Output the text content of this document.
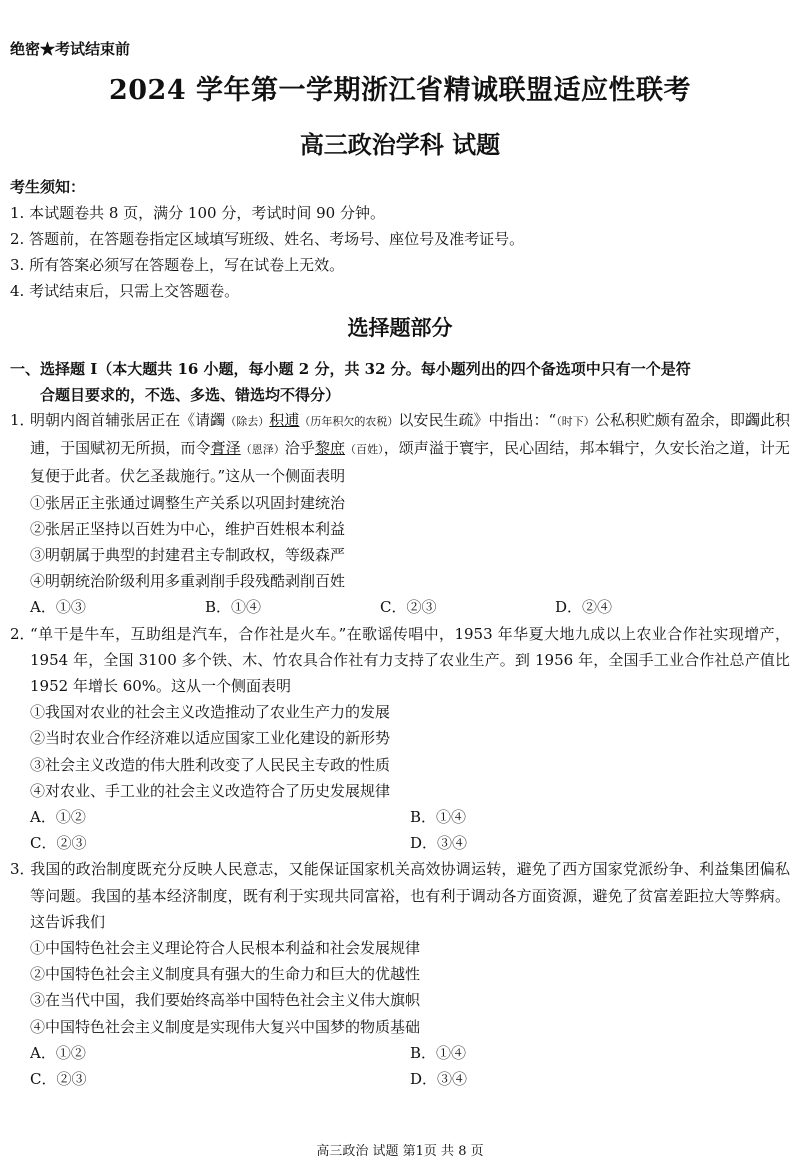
绝密★考试结束前
2024 学年第一学期浙江省精诚联盟适应性联考
高三政治学科 试题
考生须知：
1. 本试题卷共 8 页，满分 100 分，考试时间 90 分钟。
2. 答题前，在答题卷指定区域填写班级、姓名、考场号、座位号及准考证号。
3. 所有答案必须写在答题卷上，写在试卷上无效。
4. 考试结束后，只需上交答题卷。
选择题部分
一、选择题 I（本大题共 16 小题，每小题 2 分，共 32 分。每小题列出的四个备选项中只有一个是符
合题目要求的，不选、多选、错选均不得分）
1．明朝内阁首辅张居正在《请蠲（除去）积逋（历年积欠的农税）以安民生疏》中指出：“（时下）公私积贮颇有盈余，即蠲此积逋，于国赋初无所损，而令膏泽（恩泽）洽乎黎庶（百姓），颂声溢于寰宇，民心固结，邦本辑宁，久安长治之道，计无复便于此者。伏乞圣裁施行。”这从一个侧面表明
①张居正主张通过调整生产关系以巩固封建统治
②张居正坚持以百姓为中心，维护百姓根本利益
③明朝属于典型的封建君主专制政权，等级森严
④明朝统治阶级利用多重剥削手段残酷剥削百姓
A．①③	B．①④	C．②③	D．②④
2．“单干是牛车，互助组是汽车，合作社是火车。”在歌谣传唱中，1953 年华夏大地九成以上农业合作社实现增产，1954 年，全国 3100 多个铁、木、竹农具合作社有力支持了农业生产。到 1956 年，全国手工业合作社总产值比 1952 年增长 60%。这从一个侧面表明
①我国对农业的社会主义改造推动了农业生产力的发展
②当时农业合作经济难以适应国家工业化建设的新形势
③社会主义改造的伟大胜利改变了人民民主专政的性质
④对农业、手工业的社会主义改造符合了历史发展规律
A．①②	B．①④
C．②③	D．③④
3．我国的政治制度既充分反映人民意志，又能保证国家机关高效协调运转，避免了西方国家党派纷争、利益集团偏私等问题。我国的基本经济制度，既有利于实现共同富裕，也有利于调动各方面资源，避免了贫富差距拉大等弊病。这告诉我们
①中国特色社会主义理论符合人民根本利益和社会发展规律
②中国特色社会主义制度具有强大的生命力和巨大的优越性
③在当代中国，我们要始终高举中国特色社会主义伟大旗帜
④中国特色社会主义制度是实现伟大复兴中国梦的物质基础
A．①②	B．①④
C．②③	D．③④
高三政治 试题 第1页 共 8 页
